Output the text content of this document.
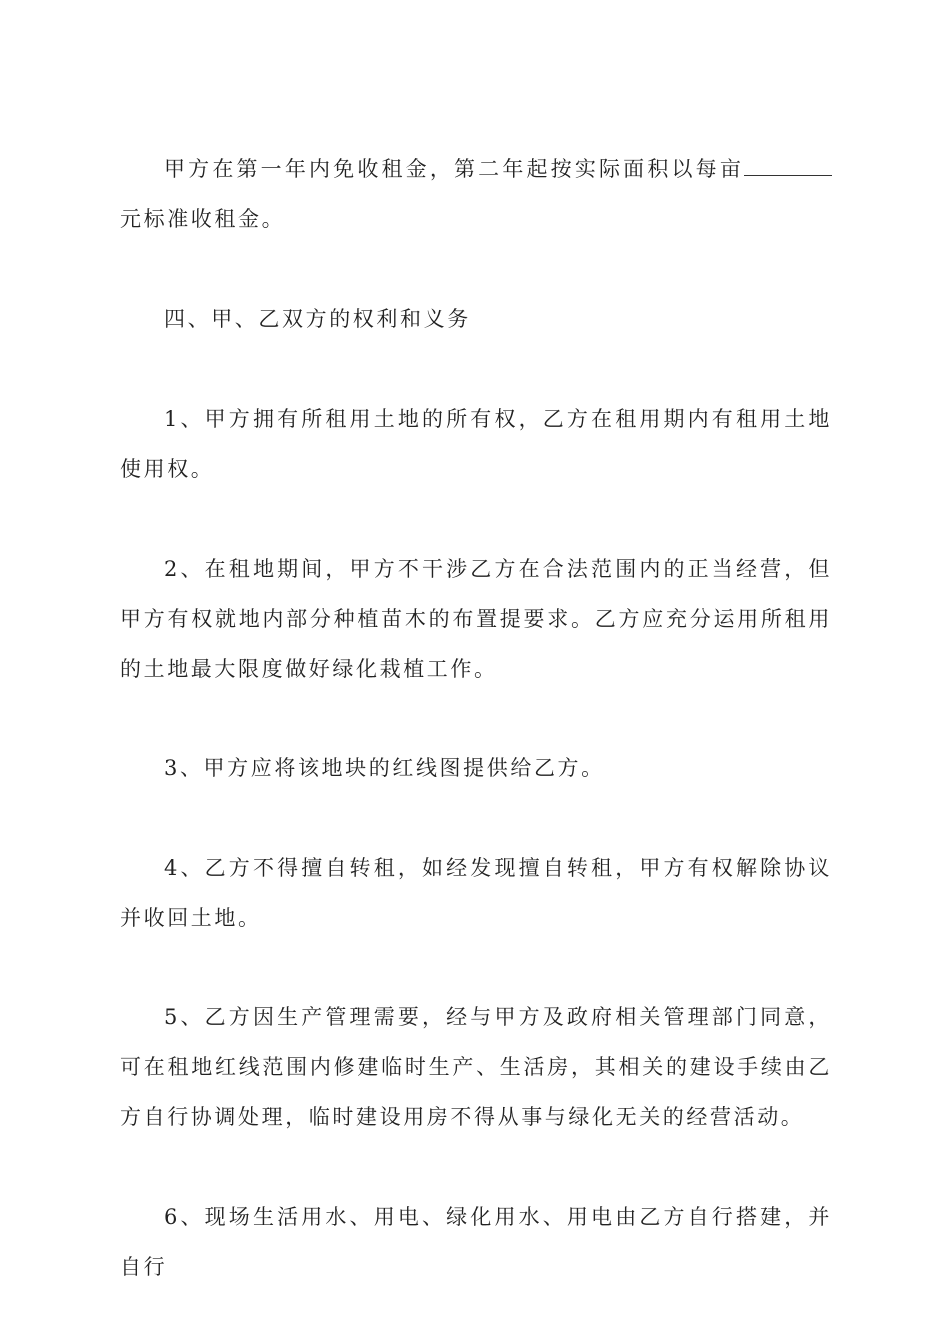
甲方在第一年内免收租金，第二年起按实际面积以每亩元标准收租金。

四、甲、乙双方的权利和义务

1、甲方拥有所租用土地的所有权，乙方在租用期内有租用土地使用权。

2、在租地期间，甲方不干涉乙方在合法范围内的正当经营，但甲方有权就地内部分种植苗木的布置提要求。乙方应充分运用所租用的土地最大限度做好绿化栽植工作。

3、甲方应将该地块的红线图提供给乙方。

4、乙方不得擅自转租，如经发现擅自转租，甲方有权解除协议并收回土地。

5、乙方因生产管理需要，经与甲方及政府相关管理部门同意，可在租地红线范围内修建临时生产、生活房，其相关的建设手续由乙方自行协调处理，临时建设用房不得从事与绿化无关的经营活动。

6、现场生活用水、用电、绿化用水、用电由乙方自行搭建，并自行
